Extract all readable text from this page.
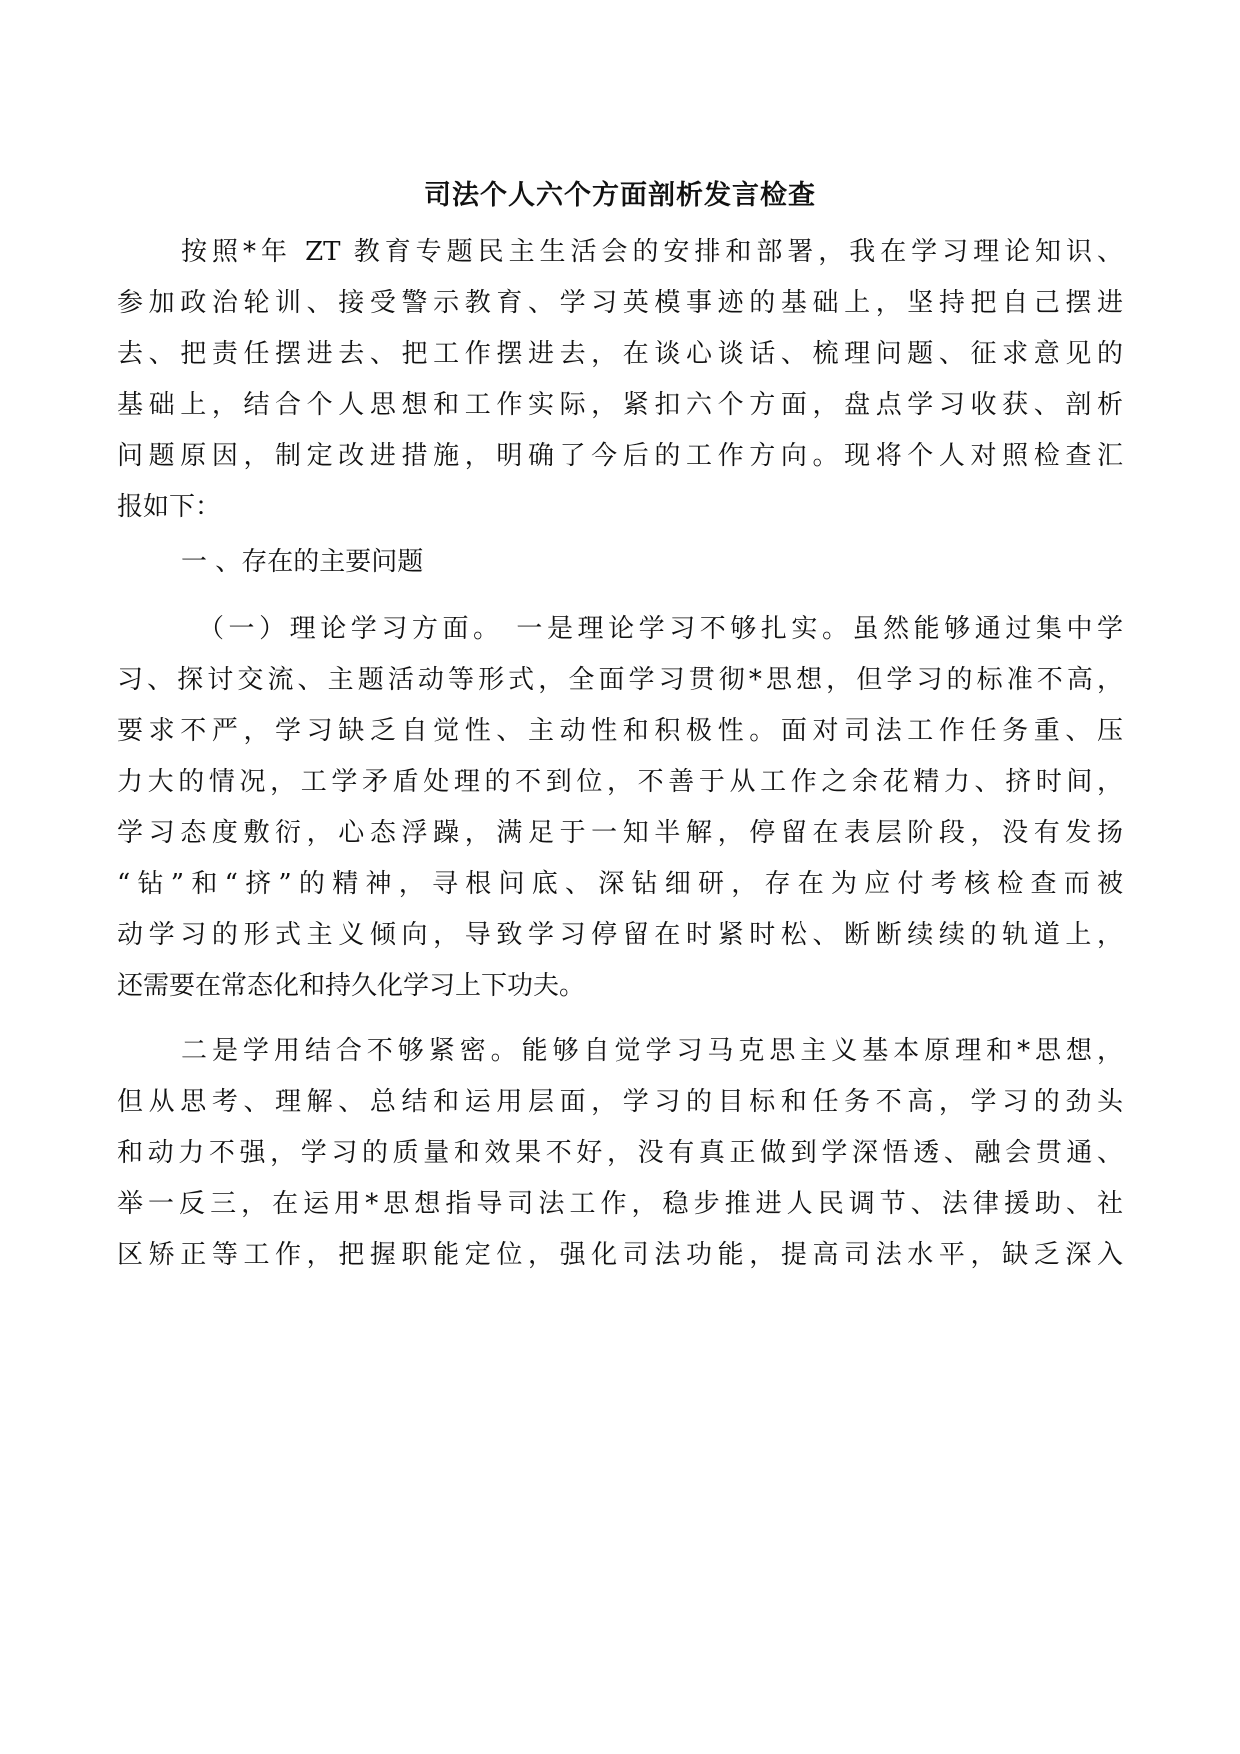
司法个人六个方面剖析发言检查
按照*年 ZT 教育专题民主生活会的安排和部署，我在学习理论知识、
参加政治轮训、接受警示教育、学习英模事迹的基础上，坚持把自己摆进
去、把责任摆进去、把工作摆进去，在谈心谈话、梳理问题、征求意见的
基础上，结合个人思想和工作实际，紧扣六个方面，盘点学习收获、剖析
问题原因，制定改进措施，明确了今后的工作方向。现将个人对照检查汇
报如下：
一 、存在的主要问题
（一）理论学习方面。 一是理论学习不够扎实。虽然能够通过集中学
习、探讨交流、主题活动等形式，全面学习贯彻*思想，但学习的标准不高，
要求不严，学习缺乏自觉性、主动性和积极性。面对司法工作任务重、压
力大的情况，工学矛盾处理的不到位，不善于从工作之余花精力、挤时间，
学习态度敷衍，心态浮躁，满足于一知半解，停留在表层阶段，没有发扬
“钻”和“挤”的精神，寻根问底、深钻细研，存在为应付考核检查而被
动学习的形式主义倾向，导致学习停留在时紧时松、断断续续的轨道上，
还需要在常态化和持久化学习上下功夫。
二是学用结合不够紧密。能够自觉学习马克思主义基本原理和*思想，
但从思考、理解、总结和运用层面，学习的目标和任务不高，学习的劲头
和动力不强，学习的质量和效果不好，没有真正做到学深悟透、融会贯通、
举一反三，在运用*思想指导司法工作，稳步推进人民调节、法律援助、社
区矫正等工作，把握职能定位，强化司法功能，提高司法水平，缺乏深入
